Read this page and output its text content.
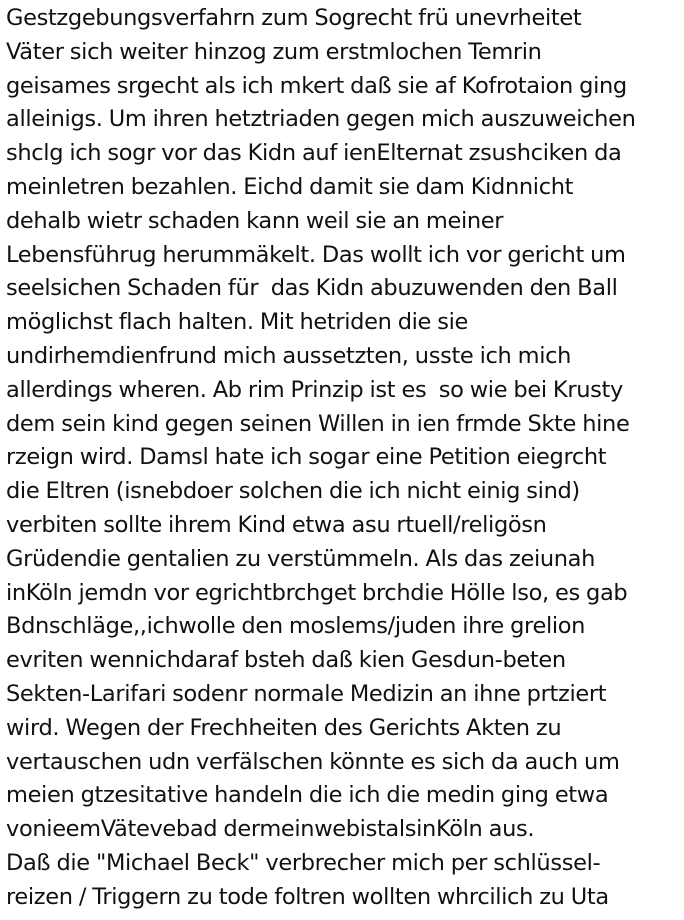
Gestzgebungsverfahrn zum Sogrecht frü unevrheitet
Väter sich weiter hinzog zum erstmlochen Temrin
geisames srgecht als ich mkert daß sie af Kofrotaion ging
alleinigs. Um ihren hetztriaden gegen mich auszuweichen
shclg ich sogr vor das Kidn auf ienElternat zsushciken da
meinletren bezahlen. Eichd damit sie dam Kidnnicht
dehalb wietr schaden kann weil sie an meiner
Lebensführug herummäkelt. Das wollt ich vor gericht um
seelsichen Schaden für  das Kidn abuzuwenden den Ball
möglichst flach halten. Mit hetriden die sie
undirhemdienfrund mich aussetzten, usste ich mich
allerdings wheren. Ab rim Prinzip ist es  so wie bei Krusty
dem sein kind gegen seinen Willen in ien frmde Skte hine
rzeign wird. Damsl hate ich sogar eine Petition eiegrcht
die Eltren (isnebdoer solchen die ich nicht einig sind)
verbiten sollte ihrem Kind etwa asu rtuell/religösn
Grüdendie gentalien zu verstümmeln. Als das zeiunah
inKöln jemdn vor egrichtbrchget brchdie Hölle lso, es gab
Bdnschläge,,ichwolle den moslems/juden ihre grelion
evriten wennichdaraf bsteh daß kien Gesdun-beten
Sekten-Larifari sodenr normale Medizin an ihne prtziert
wird. Wegen der Frechheiten des Gerichts Akten zu
vertauschen udn verfälschen könnte es sich da auch um
meien gtzesitative handeln die ich die medin ging etwa
vonieemVätevebad dermeinwebistalsinKöln aus.
Daß die "Michael Beck" verbrecher mich per schlüssel-
reizen / Triggern zu tode foltren wollten whrcilich zu Uta
